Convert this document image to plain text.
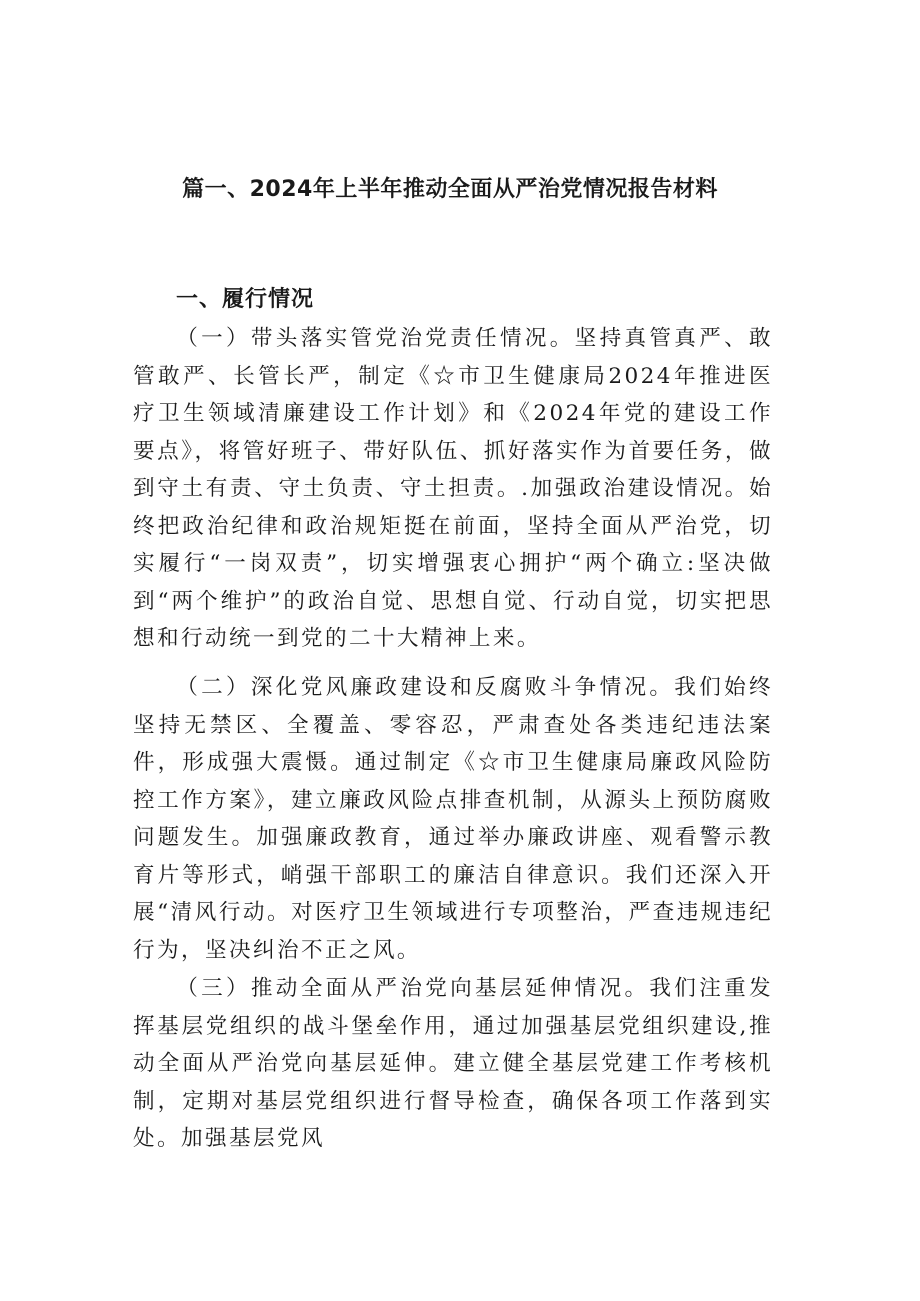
篇一、2024年上半年推动全面从严治党情况报告材料
一、履行情况

（一）带头落实管党治党责任情况。坚持真管真严、敢管敢严、长管长严，制定《☆市卫生健康局2024年推进医疗卫生领域清廉建设工作计划》和《2024年党的建设工作要点》，将管好班子、带好队伍、抓好落实作为首要任务，做到守土有责、守土负责、守土担责。.加强政治建设情况。始终把政治纪律和政治规矩挺在前面，坚持全面从严治党，切实履行“一岗双责”，切实增强衷心拥护“两个确立:坚决做到“两个维护”的政治自觉、思想自觉、行动自觉，切实把思想和行动统一到党的二十大精神上来。

（二）深化党风廉政建设和反腐败斗争情况。我们始终坚持无禁区、全覆盖、零容忍，严肃查处各类违纪违法案件，形成强大震慑。通过制定《☆市卫生健康局廉政风险防控工作方案》，建立廉政风险点排查机制，从源头上预防腐败问题发生。加强廉政教育，通过举办廉政讲座、观看警示教育片等形式，峭强干部职工的廉洁自律意识。我们还深入开展“清风行动。对医疗卫生领域进行专项整治，严查违规违纪行为，坚决纠治不正之风。

（三）推动全面从严治党向基层延伸情况。我们注重发挥基层党组织的战斗堡垒作用，通过加强基层党组织建设,推动全面从严治党向基层延伸。建立健全基层党建工作考核机制，定期对基层党组织进行督导检查，确保各项工作落到实处。加强基层党风
